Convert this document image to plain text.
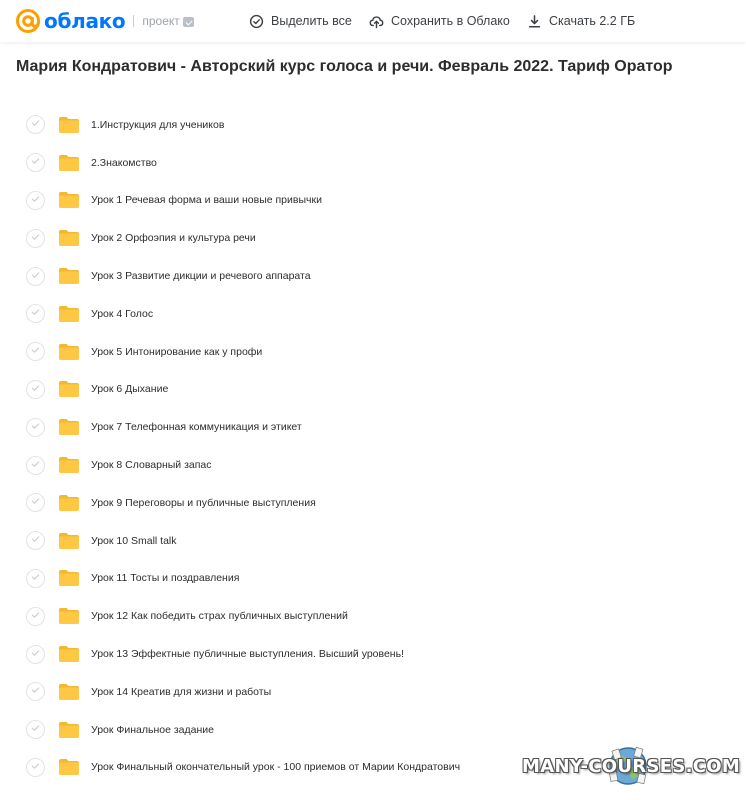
облако проект	Выделить все	Сохранить в Облако	Скачать 2.2 ГБ
Мария Кондратович - Авторский курс голоса и речи. Февраль 2022. Тариф Оратор
1.Инструкция для учеников
2.Знакомство
Урок 1 Речевая форма и ваши новые привычки
Урок 2 Орфоэпия и культура речи
Урок 3 Развитие дикции и речевого аппарата
Урок 4 Голос
Урок 5 Интонирование как у профи
Урок 6 Дыхание
Урок 7 Телефонная коммуникация и этикет
Урок 8 Словарный запас
Урок 9 Переговоры и публичные выступления
Урок 10 Small talk
Урок 11 Тосты и поздравления
Урок 12 Как победить страх публичных выступлений
Урок 13 Эффектные публичные выступления. Высший уровень!
Урок 14 Креатив для жизни и работы
Урок Финальное задание
Урок Финальный окончательный урок - 100 приемов от Марии Кондратович	MANY-COURSES.COM
